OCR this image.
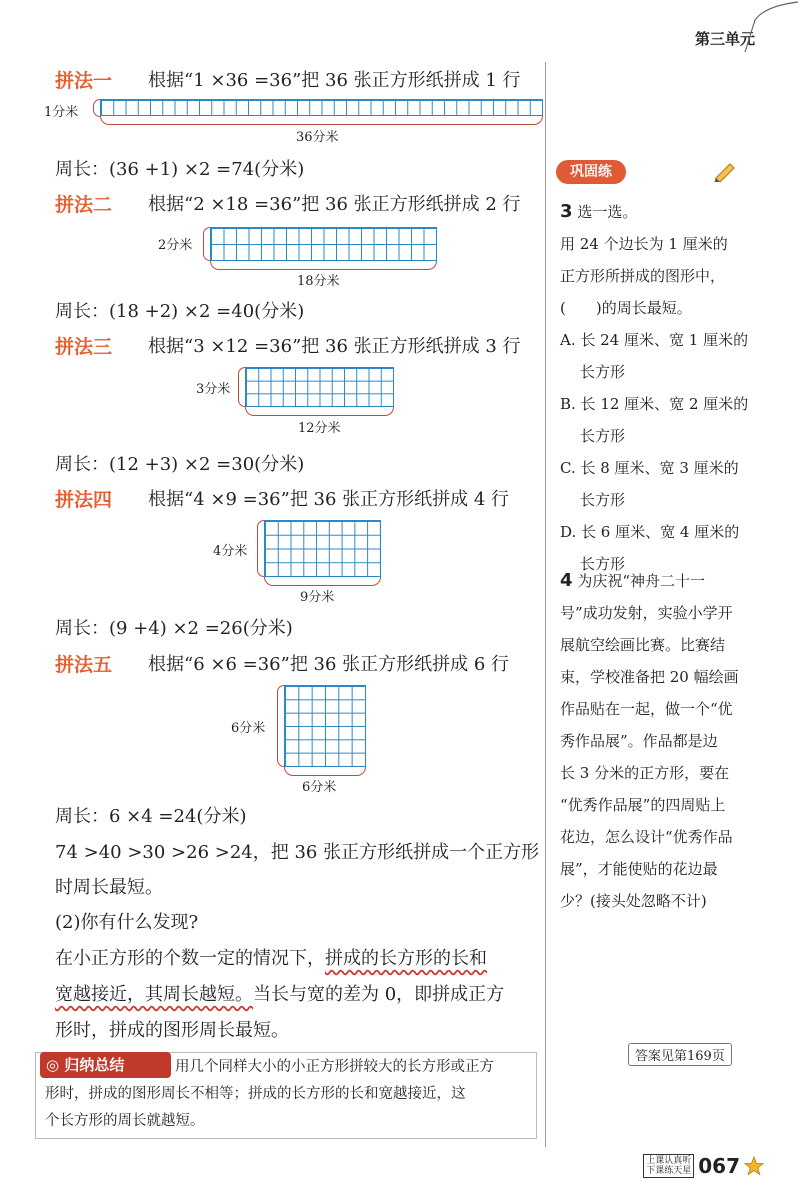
第三单元
拼法一 根据“1 ×36 =36”把 36 张正方形纸拼成 1 行
1分米
36分米
周长：(36 +1) ×2 =74(分米)
拼法二 根据“2 ×18 =36”把 36 张正方形纸拼成 2 行
2分米
18分米
周长：(18 +2) ×2 =40(分米)
拼法三 根据“3 ×12 =36”把 36 张正方形纸拼成 3 行
3分米
12分米
周长：(12 +3) ×2 =30(分米)
拼法四 根据“4 ×9 =36”把 36 张正方形纸拼成 4 行
4分米
9分米
周长：(9 +4) ×2 =26(分米)
拼法五 根据“6 ×6 =36”把 36 张正方形纸拼成 6 行
6分米
6分米
周长：6 ×4 =24(分米)
74 >40 >30 >26 >24，把 36 张正方形纸拼成一个正方形
时周长最短。
(2)你有什么发现?
在小正方形的个数一定的情况下，拼成的长方形的长和
宽越接近，其周长越短。当长与宽的差为 0，即拼成正方
形时，拼成的图形周长最短。
◎ 归纳总结	用几个同样大小的小正方形拼较大的长方形或正方
形时，拼成的图形周长不相等；拼成的长方形的长和宽越接近，这
个长方形的周长就越短。
巩固练
3 选一选。
用 24 个边长为 1 厘米的
正方形所拼成的图形中，
(　　)的周长最短。
A. 长 24 厘米、宽 1 厘米的
长方形
B. 长 12 厘米、宽 2 厘米的
长方形
C. 长 8 厘米、宽 3 厘米的
长方形
D. 长 6 厘米、宽 4 厘米的
长方形
4 为庆祝“神舟二十一
号”成功发射，实验小学开
展航空绘画比赛。比赛结
束，学校准备把 20 幅绘画
作品贴在一起，做一个“优
秀作品展”。作品都是边
长 3 分米的正方形，要在
“优秀作品展”的四周贴上
花边，怎么设计“优秀作品
展”，才能使贴的花边最
少？(接头处忽略不计)
答案见第169页
上课认真听
下课练天星 067
